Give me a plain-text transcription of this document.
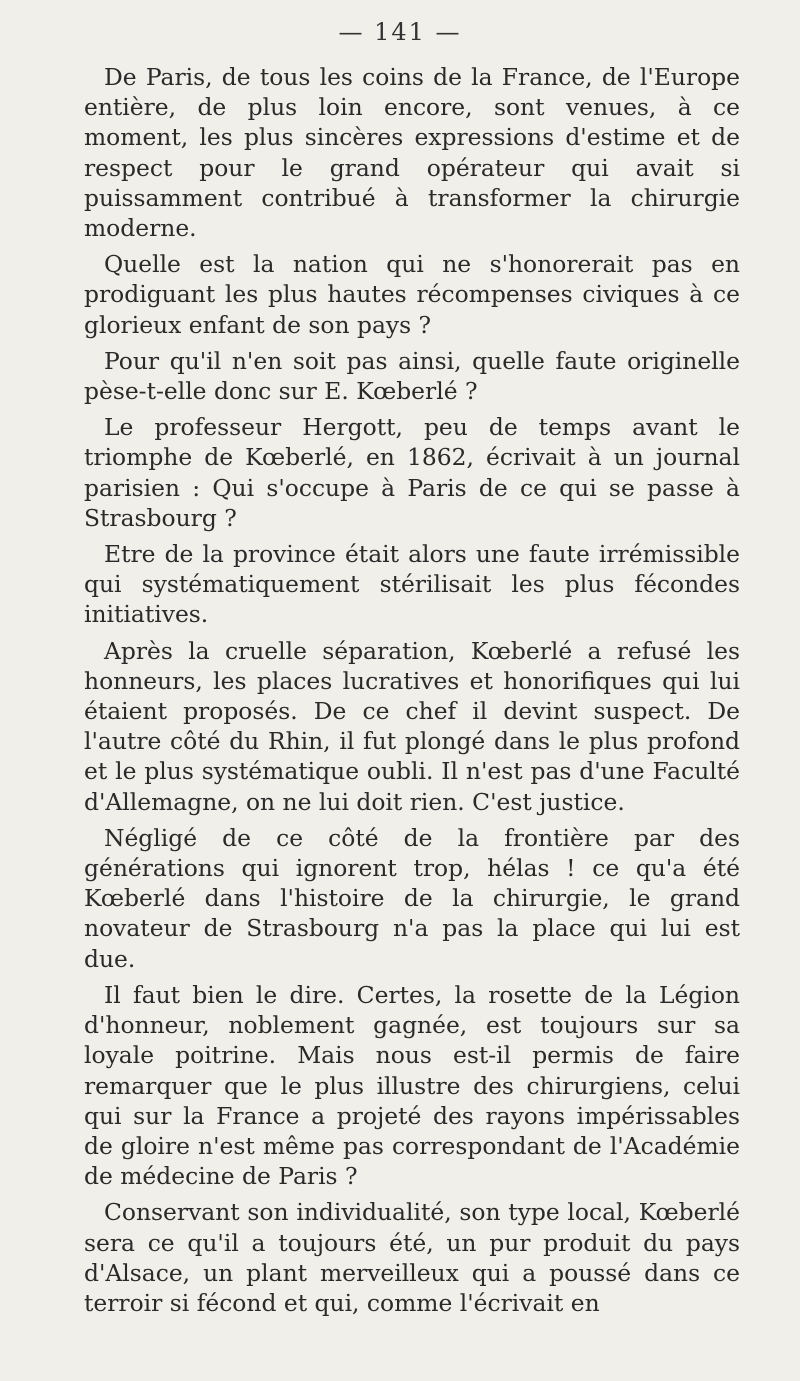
— 141 —

De Paris, de tous les coins de la France, de l'Europe entière, de plus loin encore, sont venues, à ce moment, les plus sincères expressions d'estime et de respect pour le grand opérateur qui avait si puissamment contribué à transformer la chirurgie moderne.

Quelle est la nation qui ne s'honorerait pas en prodiguant les plus hautes récompenses civiques à ce glorieux enfant de son pays ?

Pour qu'il n'en soit pas ainsi, quelle faute originelle pèse-t-elle donc sur E. Kœberlé ?

Le professeur Hergott, peu de temps avant le triomphe de Kœberlé, en 1862, écrivait à un journal parisien : Qui s'occupe à Paris de ce qui se passe à Strasbourg ?

Etre de la province était alors une faute irrémissible qui systématiquement stérilisait les plus fécondes initiatives.

Après la cruelle séparation, Kœberlé a refusé les honneurs, les places lucratives et honorifiques qui lui étaient proposés. De ce chef il devint suspect. De l'autre côté du Rhin, il fut plongé dans le plus profond et le plus systématique oubli. Il n'est pas d'une Faculté d'Allemagne, on ne lui doit rien. C'est justice.

Négligé de ce côté de la frontière par des générations qui ignorent trop, hélas ! ce qu'a été Kœberlé dans l'histoire de la chirurgie, le grand novateur de Strasbourg n'a pas la place qui lui est due.

Il faut bien le dire. Certes, la rosette de la Légion d'honneur, noblement gagnée, est toujours sur sa loyale poitrine. Mais nous est-il permis de faire remarquer que le plus illustre des chirurgiens, celui qui sur la France a projeté des rayons impérissables de gloire n'est même pas correspondant de l'Académie de médecine de Paris ?

Conservant son individualité, son type local, Kœberlé sera ce qu'il a toujours été, un pur produit du pays d'Alsace, un plant merveilleux qui a poussé dans ce terroir si fécond et qui, comme l'écrivait en
